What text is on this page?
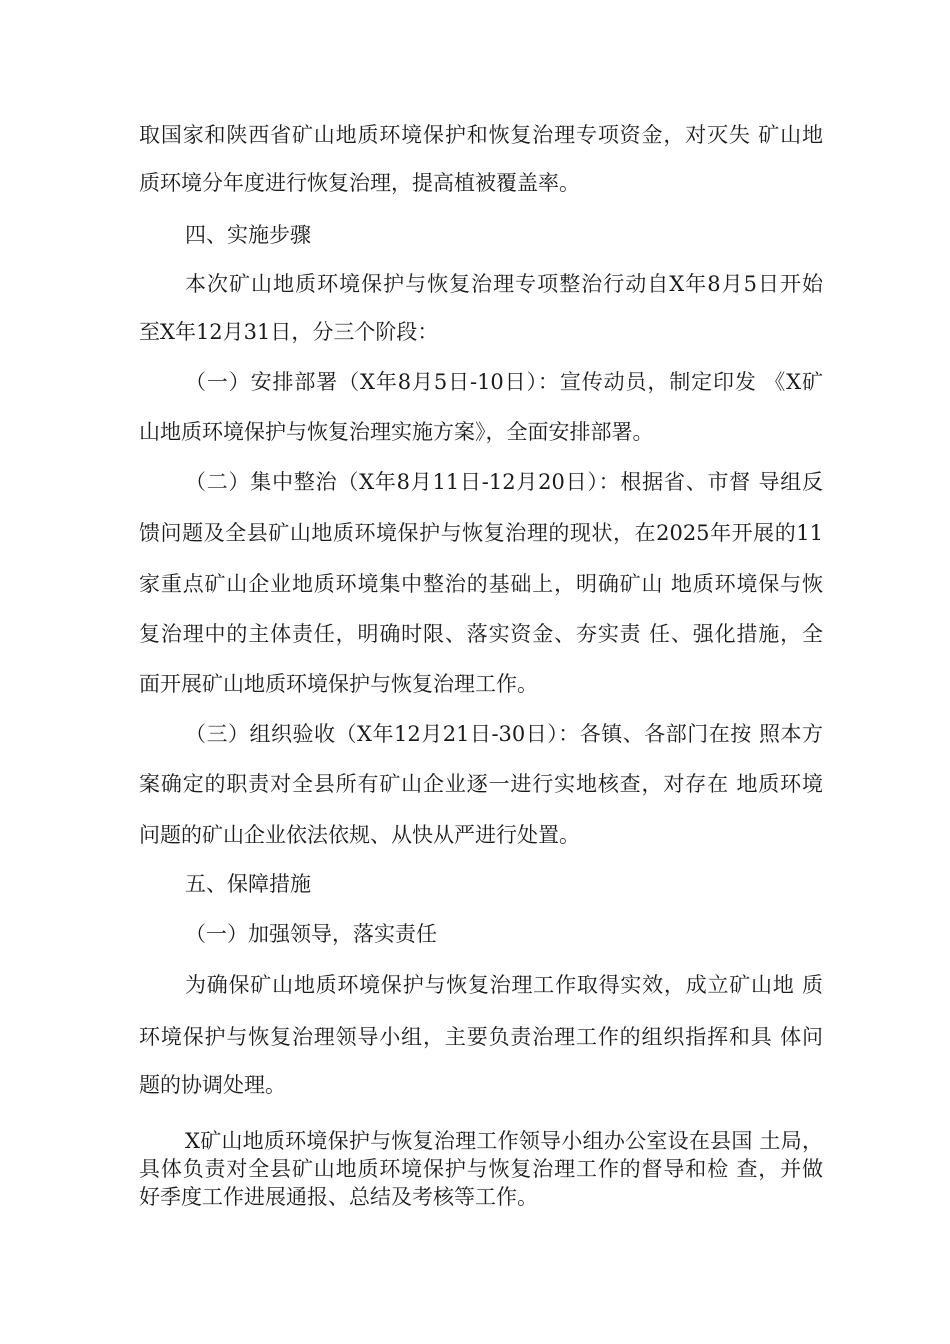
取国家和陕西省矿山地质环境保护和恢复治理专项资金，对灭失 矿山地
质环境分年度进行恢复治理，提高植被覆盖率。
四、实施步骤
本次矿山地质环境保护与恢复治理专项整治行动自X年8月5日开始
至X年12月31日，分三个阶段：
（一）安排部署（X年8月5日-10日）：宣传动员，制定印发 《X矿
山地质环境保护与恢复治理实施方案》，全面安排部署。
（二）集中整治（X年8月11日-12月20日）：根据省、市督 导组反
馈问题及全县矿山地质环境保护与恢复治理的现状，在2025年开展的11
家重点矿山企业地质环境集中整治的基础上，明确矿山 地质环境保与恢
复治理中的主体责任，明确时限、落实资金、夯实责 任、强化措施，全
面开展矿山地质环境保护与恢复治理工作。
（三）组织验收（X年12月21日-30日）：各镇、各部门在按 照本方
案确定的职责对全县所有矿山企业逐一进行实地核查，对存在 地质环境
问题的矿山企业依法依规、从快从严进行处置。
五、保障措施
（一）加强领导，落实责任
为确保矿山地质环境保护与恢复治理工作取得实效，成立矿山地 质
环境保护与恢复治理领导小组，主要负责治理工作的组织指挥和具 体问
题的协调处理。
X矿山地质环境保护与恢复治理工作领导小组办公室设在县国 土局，
具体负责对全县矿山地质环境保护与恢复治理工作的督导和检 查，并做
好季度工作进展通报、总结及考核等工作。
